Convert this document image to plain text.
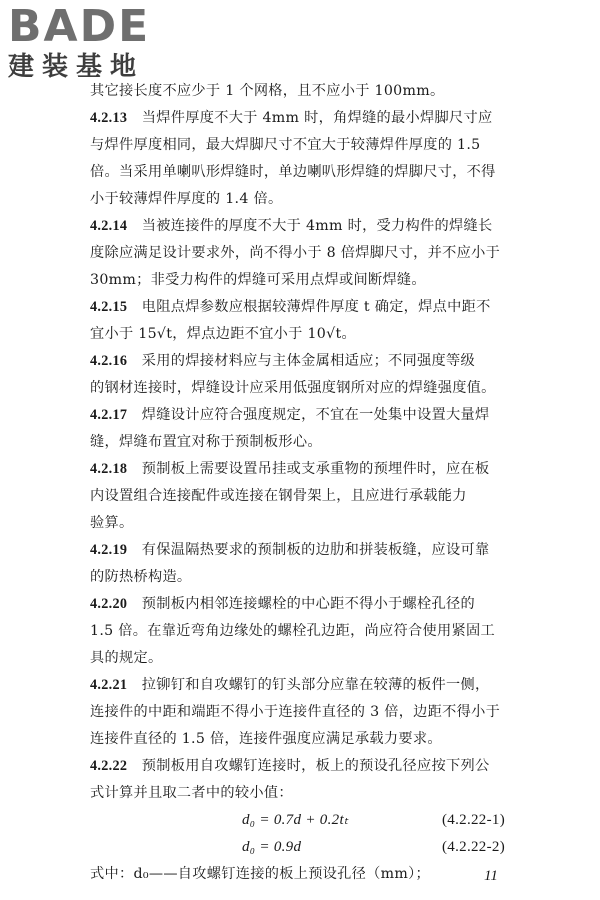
BADE
建装基地
其它接长度不应少于 1 个网格，且不应小于 100mm。
4.2.13　当焊件厚度不大于 4mm 时，角焊缝的最小焊脚尺寸应
与焊件厚度相同，最大焊脚尺寸不宜大于较薄焊件厚度的 1.5
倍。当采用单喇叭形焊缝时，单边喇叭形焊缝的焊脚尺寸，不得
小于较薄焊件厚度的 1.4 倍。
4.2.14　当被连接件的厚度不大于 4mm 时，受力构件的焊缝长
度除应满足设计要求外，尚不得小于 8 倍焊脚尺寸，并不应小于
30mm；非受力构件的焊缝可采用点焊或间断焊缝。
4.2.15　电阻点焊参数应根据较薄焊件厚度 t 确定，焊点中距不
宜小于 15√t，焊点边距不宜小于 10√t。
4.2.16　采用的焊接材料应与主体金属相适应；不同强度等级
的钢材连接时，焊缝设计应采用低强度钢所对应的焊缝强度值。
4.2.17　焊缝设计应符合强度规定，不宜在一处集中设置大量焊
缝，焊缝布置宜对称于预制板形心。
4.2.18　预制板上需要设置吊挂或支承重物的预埋件时，应在板
内设置组合连接配件或连接在钢骨架上，且应进行承载能力
验算。
4.2.19　有保温隔热要求的预制板的边肋和拼装板缝，应设可靠
的防热桥构造。
4.2.20　预制板内相邻连接螺栓的中心距不得小于螺栓孔径的
1.5 倍。在靠近弯角边缘处的螺栓孔边距，尚应符合使用紧固工
具的规定。
4.2.21　拉铆钉和自攻螺钉的钉头部分应靠在较薄的板件一侧，
连接件的中距和端距不得小于连接件直径的 3 倍，边距不得小于
连接件直径的 1.5 倍，连接件强度应满足承载力要求。
4.2.22　预制板用自攻螺钉连接时，板上的预设孔径应按下列公
式计算并且取二者中的较小值：
d₀ = 0.7d + 0.2tₜ	(4.2.22-1)
d₀ = 0.9d	(4.2.22-2)
式中：d₀——自攻螺钉连接的板上预设孔径（mm）；	11
